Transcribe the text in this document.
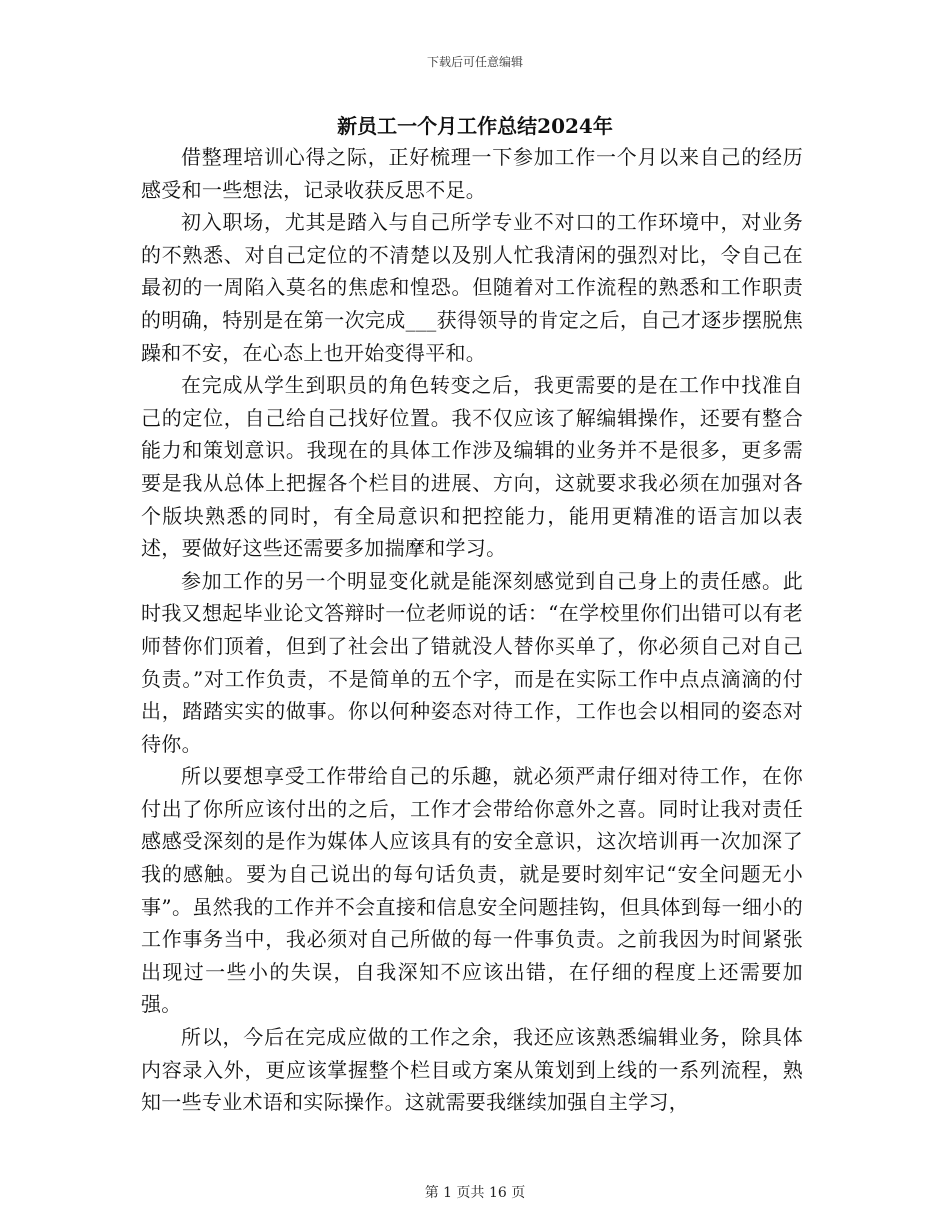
下载后可任意编辑
新员工一个月工作总结2024年

借整理培训心得之际，正好梳理一下参加工作一个月以来自己的经历感受和一些想法，记录收获反思不足。

初入职场，尤其是踏入与自己所学专业不对口的工作环境中，对业务的不熟悉、对自己定位的不清楚以及别人忙我清闲的强烈对比，令自己在最初的一周陷入莫名的焦虑和惶恐。但随着对工作流程的熟悉和工作职责的明确，特别是在第一次完成___获得领导的肯定之后，自己才逐步摆脱焦躁和不安，在心态上也开始变得平和。

在完成从学生到职员的角色转变之后，我更需要的是在工作中找准自己的定位，自己给自己找好位置。我不仅应该了解编辑操作，还要有整合能力和策划意识。我现在的具体工作涉及编辑的业务并不是很多，更多需要是我从总体上把握各个栏目的进展、方向，这就要求我必须在加强对各个版块熟悉的同时，有全局意识和把控能力，能用更精准的语言加以表述，要做好这些还需要多加揣摩和学习。

参加工作的另一个明显变化就是能深刻感觉到自己身上的责任感。此时我又想起毕业论文答辩时一位老师说的话：“在学校里你们出错可以有老师替你们顶着，但到了社会出了错就没人替你买单了，你必须自己对自己负责。”对工作负责，不是简单的五个字，而是在实际工作中点点滴滴的付出，踏踏实实的做事。你以何种姿态对待工作，工作也会以相同的姿态对待你。

所以要想享受工作带给自己的乐趣，就必须严肃仔细对待工作，在你付出了你所应该付出的之后，工作才会带给你意外之喜。同时让我对责任感感受深刻的是作为媒体人应该具有的安全意识，这次培训再一次加深了我的感触。要为自己说出的每句话负责，就是要时刻牢记“安全问题无小事”。虽然我的工作并不会直接和信息安全问题挂钩，但具体到每一细小的工作事务当中，我必须对自己所做的每一件事负责。之前我因为时间紧张出现过一些小的失误，自我深知不应该出错，在仔细的程度上还需要加强。

所以，今后在完成应做的工作之余，我还应该熟悉编辑业务，除具体内容录入外，更应该掌握整个栏目或方案从策划到上线的一系列流程，熟知一些专业术语和实际操作。这就需要我继续加强自主学习，

第 1 页共 16 页
